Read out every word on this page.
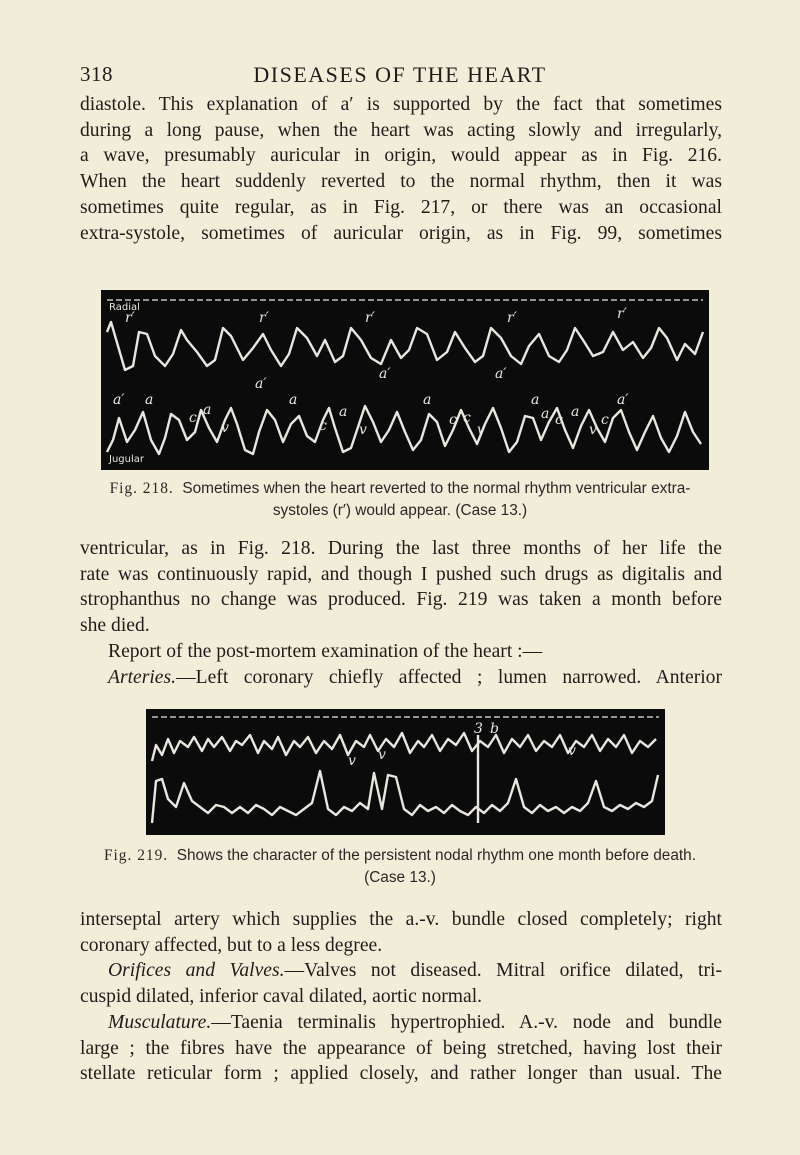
318	DISEASES OF THE HEART

diastole. This explanation of a′ is supported by the fact that sometimes
during a long pause, when the heart was acting slowly and irregularly,
a wave, presumably auricular in origin, would appear as in Fig. 216.
When the heart suddenly reverted to the normal rhythm, then it was
sometimes quite regular, as in Fig. 217, or there was an occasional
extra-systole, sometimes of auricular origin, as in Fig. 99, sometimes

Radial
r′	r′	r′	r′	r′
a′ a
c a
v
a′
a
c
a
v
a′
a
c
v
c
a′
a
c a
v
a	c
a′
Jugular
Fig. 218. Sometimes when the heart reverted to the normal rhythm ventricular extra-
systoles (r′) would appear. (Case 13.)

ventricular, as in Fig. 218. During the last three months of her life the
rate was continuously rapid, and though I pushed such drugs as digitalis and
strophanthus no change was produced. Fig. 219 was taken a month before
she died.
Report of the post-mortem examination of the heart :—
Arteries.—Left coronary chiefly affected ; lumen narrowed. Anterior

3 b
v v	v
Fig. 219. Shows the character of the persistent nodal rhythm one month before death.
(Case 13.)

interseptal artery which supplies the a.-v. bundle closed completely; right
coronary affected, but to a less degree.
Orifices and Valves.—Valves not diseased. Mitral orifice dilated, tri-
cuspid dilated, inferior caval dilated, aortic normal.
Musculature.—Taenia terminalis hypertrophied. A.-v. node and bundle
large ; the fibres have the appearance of being stretched, having lost their
stellate reticular form ; applied closely, and rather longer than usual. The
